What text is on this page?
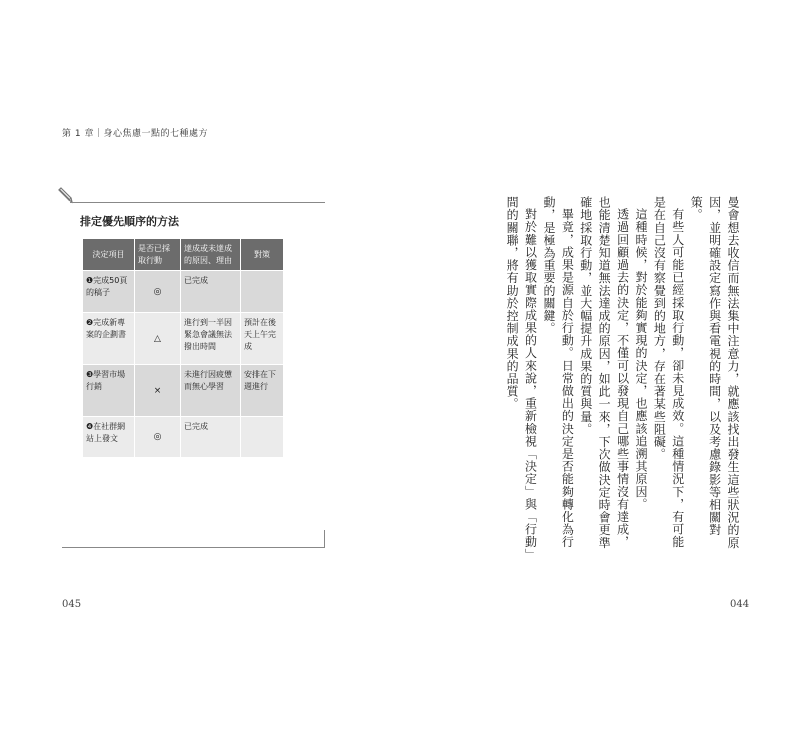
第 1 章｜身心焦慮一點的七種處方
排定優先順序的方法
決定項目	是否已採取行動	達成或未達成的原因、理由	對策
❶完成50頁的稿子	◎	已完成	
❷完成新專案的企劃書	△	進行到一半因緊急會議無法撥出時間	預計在後天上午完成
❸學習市場行銷	×	未進行因疲憊而無心學習	安排在下週進行
❹在社群網站上發文	◎	已完成	
045

曼會想去收信而無法集中注意力，就應該找出發生這些狀況的原因，並明確設定寫作與看電視的時間，以及考慮錄影等相關對策。

有些人可能已經採取行動，卻未見成效。這種情況下，有可能是在自己沒有察覺到的地方，存在著某些阻礙。

這種時候，對於能夠實現的決定，也應該追溯其原因。

透過回顧過去的決定，不僅可以發現自己哪些事情沒有達成，也能清楚知道無法達成的原因，如此一來，下次做決定時會更準確地採取行動，並大幅提升成果的質與量。

畢竟，成果是源自於行動。日常做出的決定是否能夠轉化為行動，是極為重要的關鍵。

對於難以獲取實際成果的人來說，重新檢視「決定」與「行動」間的關聯，將有助於控制成果的品質。

044
